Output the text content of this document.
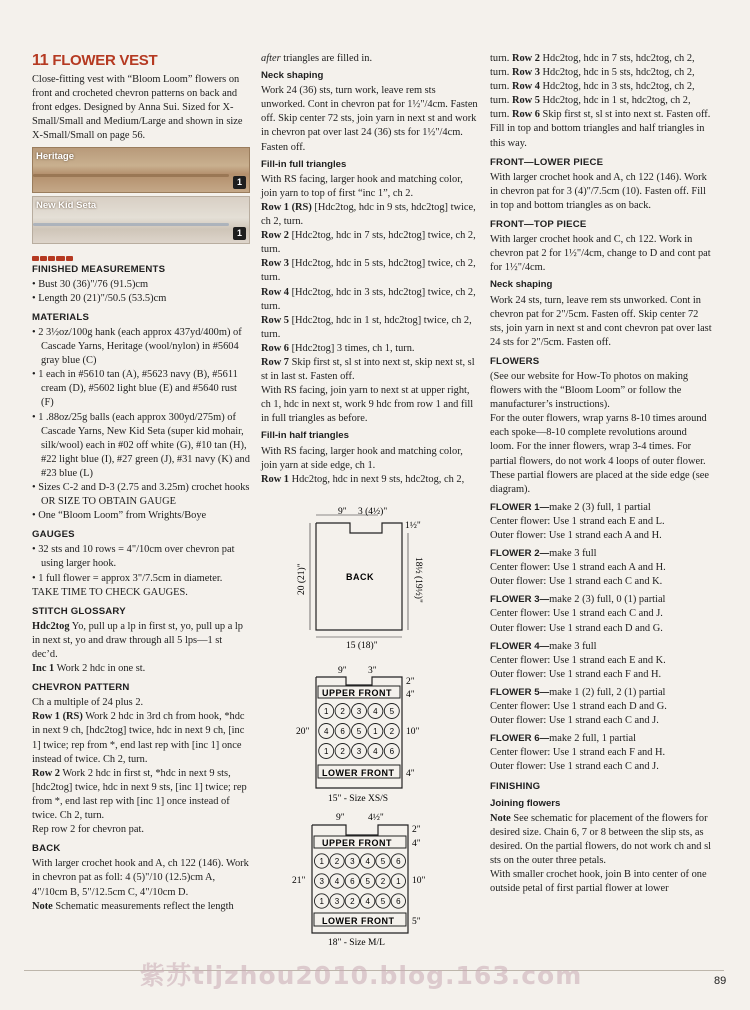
11 FLOWER VEST

Close-fitting vest with “Bloom Loom” flowers on front and crocheted chevron patterns on back and front edges. Designed by Anna Sui. Sized for X-Small/Small and Medium/Large and shown in size X-Small/Small on page 56.

Heritage
1
New Kid Seta
1
FINISHED MEASUREMENTS

• Bust 30 (36)"/76 (91.5)cm

• Length 20 (21)"/50.5 (53.5)cm

MATERIALS

• 2 3½oz/100g hank (each approx 437yd/400m) of Cascade Yarns, Heritage (wool/nylon) in #5604 gray blue (C)

• 1 each in #5610 tan (A), #5623 navy (B), #5611 cream (D), #5602 light blue (E) and #5640 rust (F)

• 1 .88oz/25g balls (each approx 300yd/275m) of Cascade Yarns, New Kid Seta (super kid mohair, silk/wool) each in #02 off white (G), #10 tan (H), #22 light blue (I), #27 green (J), #31 navy (K) and #23 blue (L)

• Sizes C-2 and D-3 (2.75 and 3.25m) crochet hooks OR SIZE TO OBTAIN GAUGE

• One “Bloom Loom” from Wrights/Boye

GAUGES

• 32 sts and 10 rows = 4"/10cm over chevron pat using larger hook.

• 1 full flower = approx 3"/7.5cm in diameter.

TAKE TIME TO CHECK GAUGES.

STITCH GLOSSARY

Hdc2tog Yo, pull up a lp in first st, yo, pull up a lp in next st, yo and draw through all 5 lps—1 st dec’d.

Inc 1 Work 2 hdc in one st.

CHEVRON PATTERN

Ch a multiple of 24 plus 2.

Row 1 (RS) Work 2 hdc in 3rd ch from hook, *hdc in next 9 ch, [hdc2tog] twice, hdc in next 9 ch, [inc 1] twice; rep from *, end last rep with [inc 1] once instead of twice. Ch 2, turn.

Row 2 Work 2 hdc in first st, *hdc in next 9 sts, [hdc2tog] twice, hdc in next 9 sts, [inc 1] twice; rep from *, end last rep with [inc 1] once instead of twice. Ch 2, turn.

Rep row 2 for chevron pat.

BACK

With larger crochet hook and A, ch 122 (146). Work in chevron pat as foll: 4 (5)"/10 (12.5)cm A, 4"/10cm B, 5"/12.5cm C, 4"/10cm D.

Note Schematic measurements reflect the length

after triangles are filled in.

Neck shaping

Work 24 (36) sts, turn work, leave rem sts unworked. Cont in chevron pat for 1½"/4cm. Fasten off. Skip center 72 sts, join yarn in next st and work in chevron pat over last 24 (36) sts for 1½"/4cm. Fasten off.

Fill-in full triangles

With RS facing, larger hook and matching color, join yarn to top of first “inc 1”, ch 2.

Row 1 (RS) [Hdc2tog, hdc in 9 sts, hdc2tog] twice, ch 2, turn.

Row 2 [Hdc2tog, hdc in 7 sts, hdc2tog] twice, ch 2, turn.

Row 3 [Hdc2tog, hdc in 5 sts, hdc2tog] twice, ch 2, turn.

Row 4 [Hdc2tog, hdc in 3 sts, hdc2tog] twice, ch 2, turn.

Row 5 [Hdc2tog, hdc in 1 st, hdc2tog] twice, ch 2, turn.

Row 6 [Hdc2tog] 3 times, ch 1, turn.

Row 7 Skip first st, sl st into next st, skip next st, sl st in last st. Fasten off.

With RS facing, join yarn to next st at upper right, ch 1, hdc in next st, work 9 hdc from row 1 and fill in full triangles as before.

Fill-in half triangles

With RS facing, larger hook and matching color, join yarn at side edge, ch 1.

Row 1 Hdc2tog, hdc in next 9 sts, hdc2tog, ch 2,

BACK
9" 3 (4½)"
1½"
20 (21)"	18½ (19½)"
15 (18)"
UPPER FRONT
LOWER FRONT
9" 3"
20"
2"
4"
10"
4"
15" - Size XS/S
1 2 3 4 5
4 6 5 1 2
1 2 3 4 6
UPPER FRONT
LOWER FRONT
9" 4½"
21"
2"
4"
10"
5"
18" - Size M/L
1 2 3 4 5 6
3 4 6 5 2 1
1 3 2 4 5 6

turn. Row 2 Hdc2tog, hdc in 7 sts, hdc2tog, ch 2, turn. Row 3 Hdc2tog, hdc in 5 sts, hdc2tog, ch 2, turn. Row 4 Hdc2tog, hdc in 3 sts, hdc2tog, ch 2, turn. Row 5 Hdc2tog, hdc in 1 st, hdc2tog, ch 2, turn. Row 6 Skip first st, sl st into next st. Fasten off.

Fill in top and bottom triangles and half triangles in this way.

FRONT—LOWER PIECE

With larger crochet hook and A, ch 122 (146). Work in chevron pat for 3 (4)"/7.5cm (10). Fasten off. Fill in top and bottom triangles as on back.

FRONT—TOP PIECE

With larger crochet hook and C, ch 122. Work in chevron pat 2 for 1½"/4cm, change to D and cont pat for 1½"/4cm.

Neck shaping

Work 24 sts, turn, leave rem sts unworked. Cont in chevron pat for 2"/5cm. Fasten off. Skip center 72 sts, join yarn in next st and cont chevron pat over last 24 sts for 2"/5cm. Fasten off.

FLOWERS

(See our website for How-To photos on making flowers with the “Bloom Loom” or follow the manufacturer’s instructions).

For the outer flowers, wrap yarns 8-10 times around each spoke—8-10 complete revolutions around loom. For the inner flowers, wrap 3-4 times. For partial flowers, do not work 4 loops of outer flower. These partial flowers are placed at the side edge (see diagram).

FLOWER 1—make 2 (3) full, 1 partial

Center flower: Use 1 strand each E and L.

Outer flower: Use 1 strand each A and H.

FLOWER 2—make 3 full

Center flower: Use 1 strand each A and H.

Outer flower: Use 1 strand each C and K.

FLOWER 3—make 2 (3) full, 0 (1) partial

Center flower: Use 1 strand each C and J.

Outer flower: Use 1 strand each D and G.

FLOWER 4—make 3 full

Center flower: Use 1 strand each E and K.

Outer flower: Use 1 strand each F and H.

FLOWER 5—make 1 (2) full, 2 (1) partial

Center flower: Use 1 strand each D and G.

Outer flower: Use 1 strand each C and J.

FLOWER 6—make 2 full, 1 partial

Center flower: Use 1 strand each F and H.

Outer flower: Use 1 strand each C and J.

FINISHING
Joining flowers

Note See schematic for placement of the flowers for desired size. Chain 6, 7 or 8 between the slip sts, as desired. On the partial flowers, do not work ch and sl sts on the outer three petals.

With smaller crochet hook, join B into center of one outside petal of first partial flower at lower

紫苏tljzhou2010.blog.163.com	89
